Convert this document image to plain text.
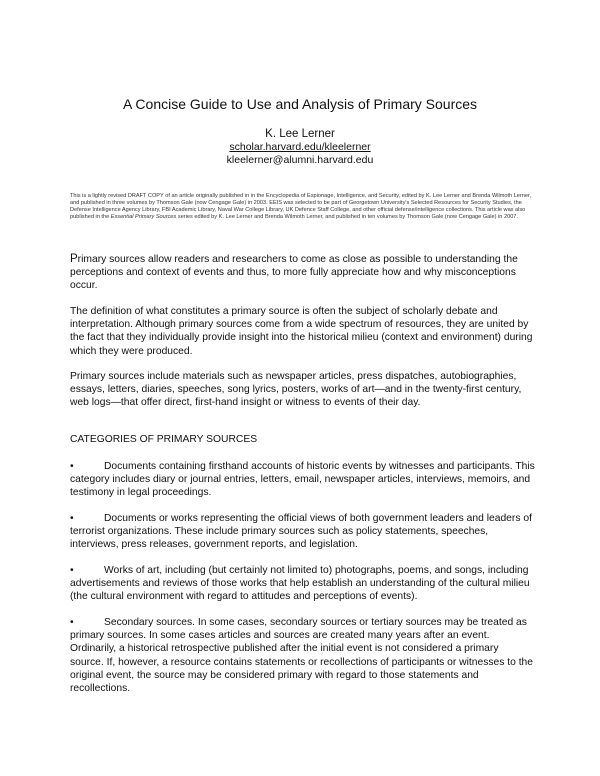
A Concise Guide to Use and Analysis of Primary Sources
K. Lee Lerner
scholar.harvard.edu/kleelerner
kleelerner@alumni.harvard.edu
This is a lightly revised DRAFT COPY of an article originally published in in the Encyclopedia of Espionage, Intelligence, and Security, edited by K. Lee Lerner and Brenda Wilmoth Lerner, and published in three volumes by Thomson Gale (now Cengage Gale) in 2003. EEIS was selected to be part of Georgetown University's Selected Resources for Security Studies, the Defense Intelligence Agency Library, FBI Academic Library, Naval War College Library, UK Defence Staff College, and other official defense/intelligence collections. This article was also published in the Essential Primary Sources series edited by K. Lee Lerner and Brenda Wilmoth Lerner, and published in ten volumes by Thomson Gale (now Cengage Gale) in 2007.

Primary sources allow readers and researchers to come as close as possible to understanding the perceptions and context of events and thus, to more fully appreciate how and why misconceptions occur.

The definition of what constitutes a primary source is often the subject of scholarly debate and interpretation. Although primary sources come from a wide spectrum of resources, they are united by the fact that they individually provide insight into the historical milieu (context and environment) during which they were produced.

Primary sources include materials such as newspaper articles, press dispatches, autobiographies, essays, letters, diaries, speeches, song lyrics, posters, works of art—and in the twenty-first century, web logs—that offer direct, first-hand insight or witness to events of their day.

CATEGORIES OF PRIMARY SOURCES

•	Documents containing firsthand accounts of historic events by witnesses and participants. This category includes diary or journal entries, letters, email, newspaper articles, interviews, memoirs, and testimony in legal proceedings.

•	Documents or works representing the official views of both government leaders and leaders of terrorist organizations. These include primary sources such as policy statements, speeches, interviews, press releases, government reports, and legislation.

•	Works of art, including (but certainly not limited to) photographs, poems, and songs, including advertisements and reviews of those works that help establish an understanding of the cultural milieu (the cultural environment with regard to attitudes and perceptions of events).

•	Secondary sources. In some cases, secondary sources or tertiary sources may be treated as primary sources. In some cases articles and sources are created many years after an event. Ordinarily, a historical retrospective published after the initial event is not considered a primary source. If, however, a resource contains statements or recollections of participants or witnesses to the original event, the source may be considered primary with regard to those statements and recollections.
